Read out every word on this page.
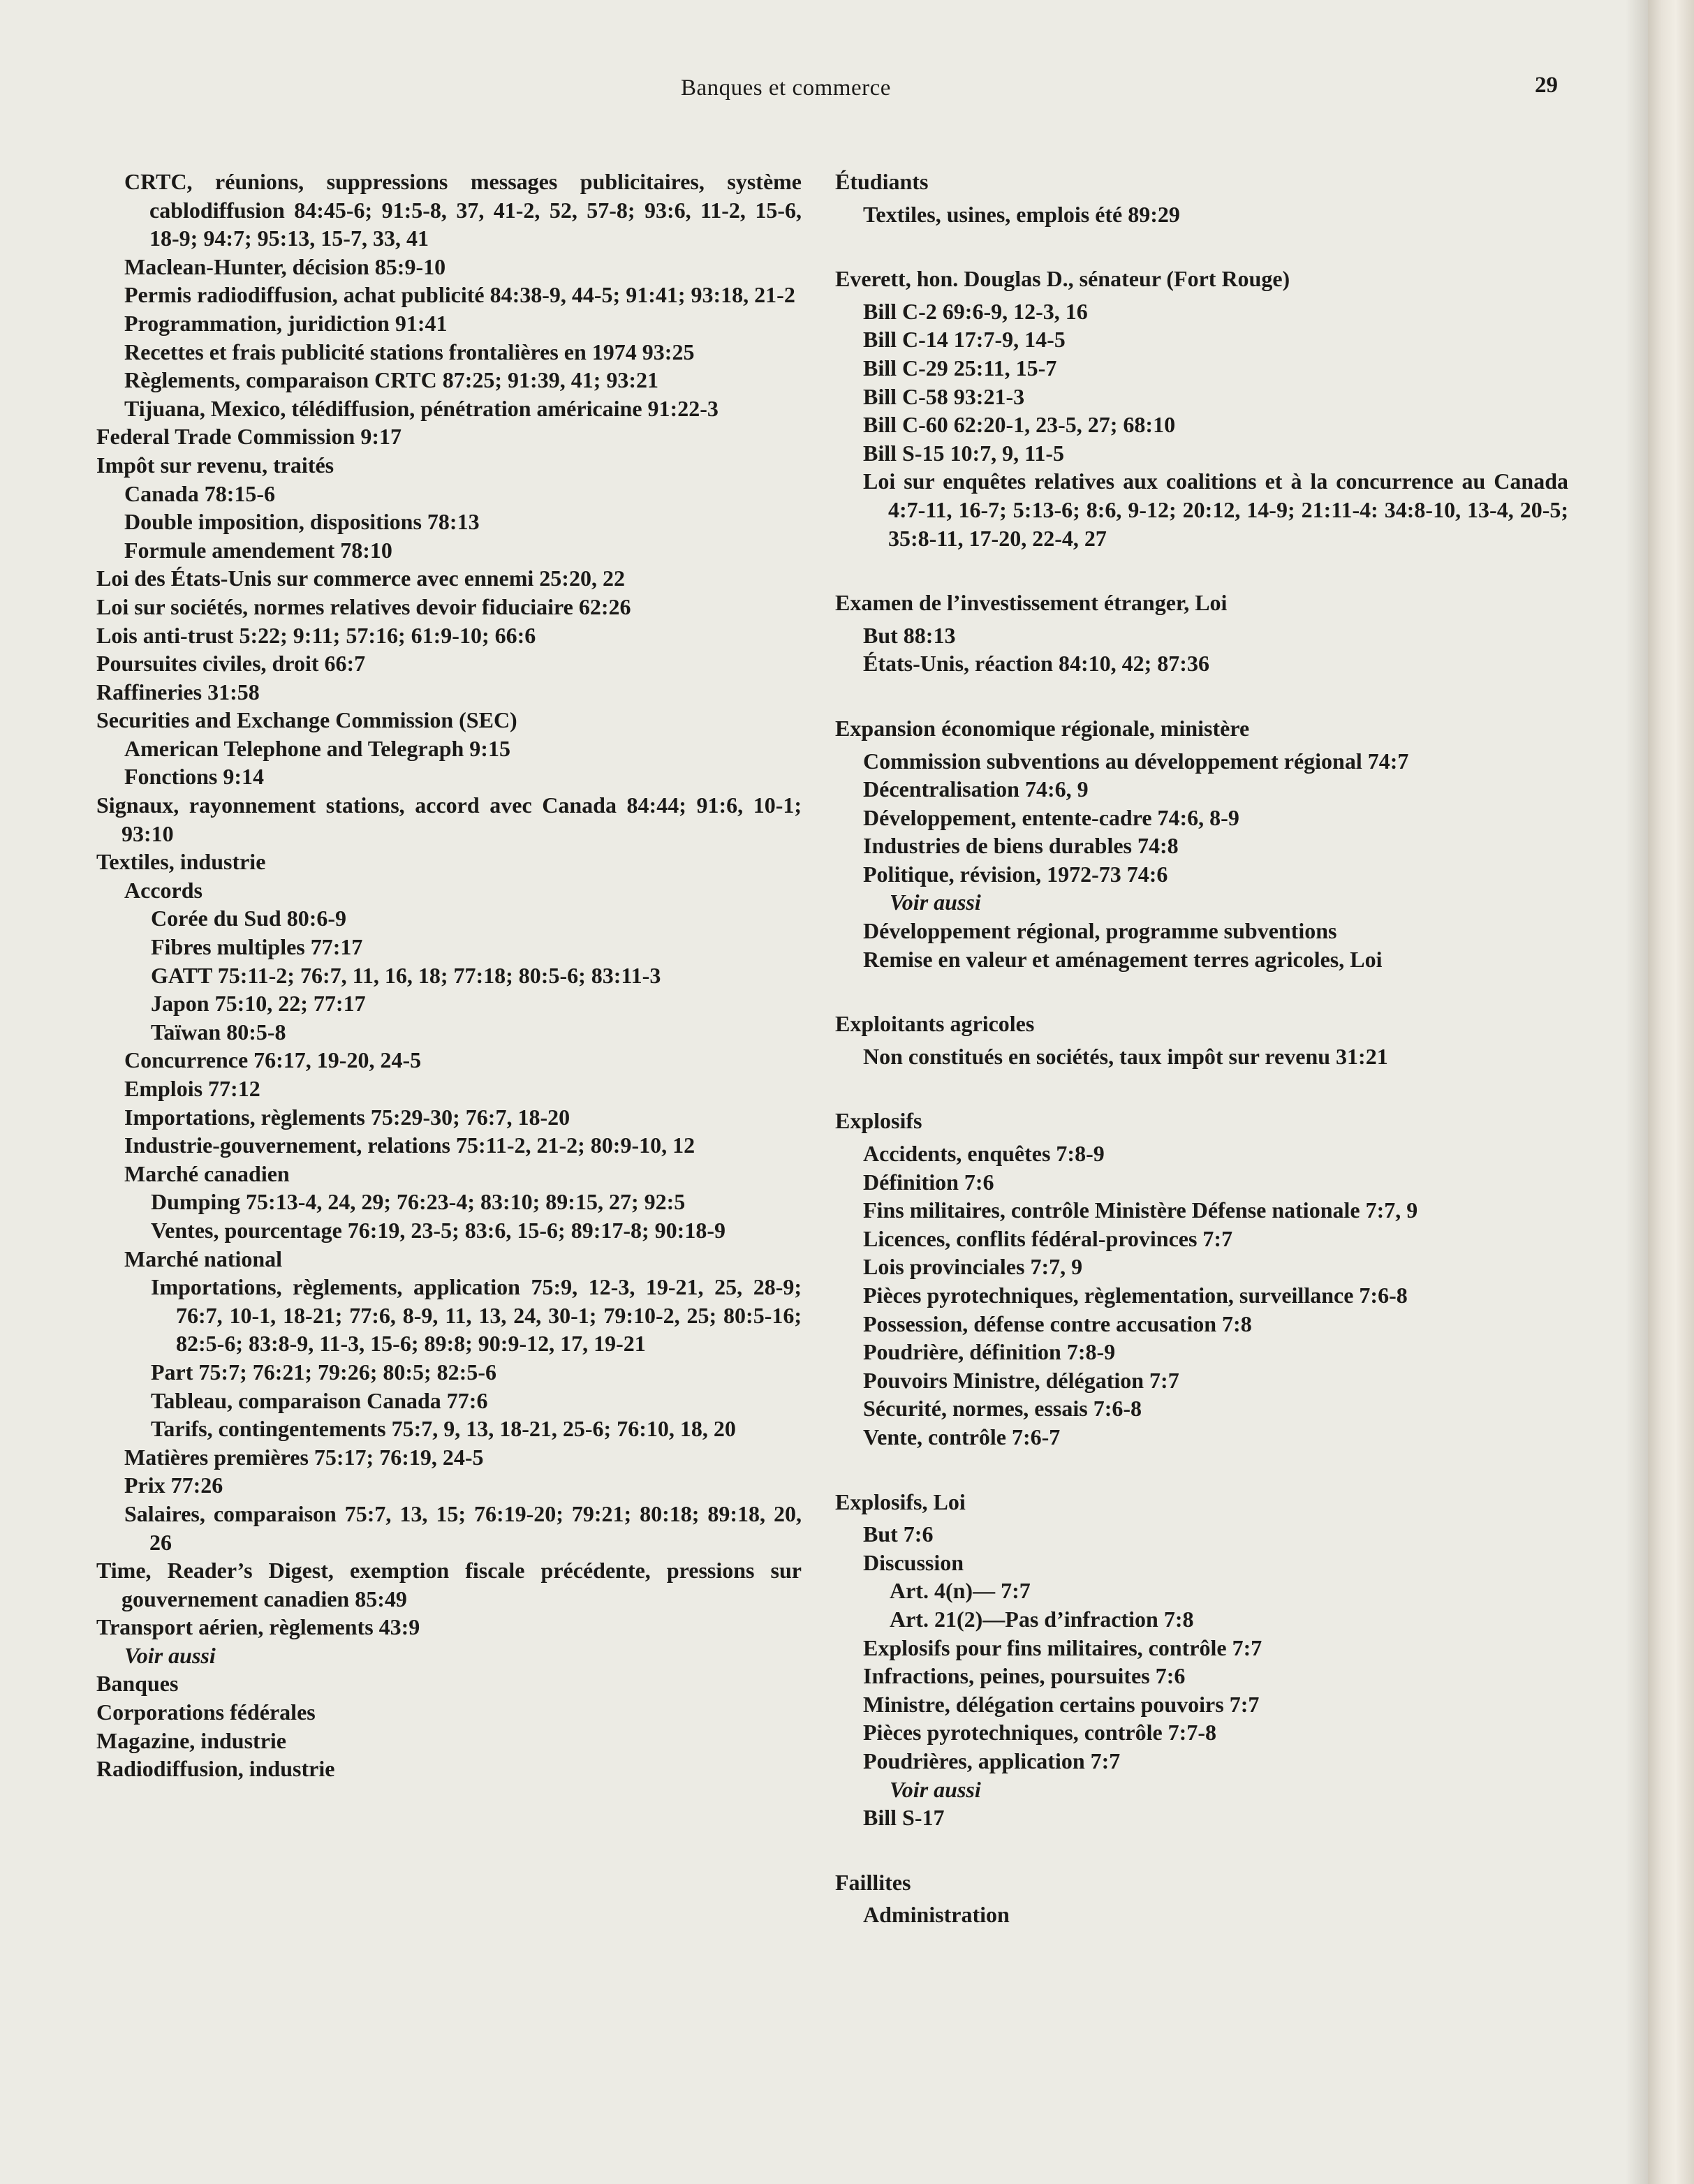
Banques et commerce	29

CRTC, réunions, suppressions messages publicitaires, système cablodiffusion 84:45-6; 91:5-8, 37, 41-2, 52, 57-8; 93:6, 11-2, 15-6, 18-9; 94:7; 95:13, 15-7, 33, 41

Maclean-Hunter, décision 85:9-10

Permis radiodiffusion, achat publicité 84:38-9, 44-5; 91:41; 93:18, 21-2

Programmation, juridiction 91:41

Recettes et frais publicité stations frontalières en 1974 93:25

Règlements, comparaison CRTC 87:25; 91:39, 41; 93:21

Tijuana, Mexico, télédiffusion, pénétration américaine 91:22-3

Federal Trade Commission 9:17

Impôt sur revenu, traités

Canada 78:15-6

Double imposition, dispositions 78:13

Formule amendement 78:10

Loi des États-Unis sur commerce avec ennemi 25:20, 22

Loi sur sociétés, normes relatives devoir fiduciaire 62:26

Lois anti-trust 5:22; 9:11; 57:16; 61:9-10; 66:6

Poursuites civiles, droit 66:7

Raffineries 31:58

Securities and Exchange Commission (SEC)

American Telephone and Telegraph 9:15

Fonctions 9:14

Signaux, rayonnement stations, accord avec Canada 84:44; 91:6, 10-1; 93:10

Textiles, industrie

Accords

Corée du Sud 80:6-9

Fibres multiples 77:17

GATT 75:11-2; 76:7, 11, 16, 18; 77:18; 80:5-6; 83:11-3

Japon 75:10, 22; 77:17

Taïwan 80:5-8

Concurrence 76:17, 19-20, 24-5

Emplois 77:12

Importations, règlements 75:29-30; 76:7, 18-20

Industrie-gouvernement, relations 75:11-2, 21-2; 80:9-10, 12

Marché canadien

Dumping 75:13-4, 24, 29; 76:23-4; 83:10; 89:15, 27; 92:5

Ventes, pourcentage 76:19, 23-5; 83:6, 15-6; 89:17-8; 90:18-9

Marché national

Importations, règlements, application 75:9, 12-3, 19-21, 25, 28-9; 76:7, 10-1, 18-21; 77:6, 8-9, 11, 13, 24, 30-1; 79:10-2, 25; 80:5-16; 82:5-6; 83:8-9, 11-3, 15-6; 89:8; 90:9-12, 17, 19-21

Part 75:7; 76:21; 79:26; 80:5; 82:5-6

Tableau, comparaison Canada 77:6

Tarifs, contingentements 75:7, 9, 13, 18-21, 25-6; 76:10, 18, 20

Matières premières 75:17; 76:19, 24-5

Prix 77:26

Salaires, comparaison 75:7, 13, 15; 76:19-20; 79:21; 80:18; 89:18, 20, 26

Time, Reader’s Digest, exemption fiscale précédente, pressions sur gouvernement canadien 85:49

Transport aérien, règlements 43:9

Voir aussi

Banques

Corporations fédérales

Magazine, industrie

Radiodiffusion, industrie

Étudiants

Textiles, usines, emplois été 89:29

Everett, hon. Douglas D., sénateur (Fort Rouge)

Bill C-2 69:6-9, 12-3, 16

Bill C-14 17:7-9, 14-5

Bill C-29 25:11, 15-7

Bill C-58 93:21-3

Bill C-60 62:20-1, 23-5, 27; 68:10

Bill S-15 10:7, 9, 11-5

Loi sur enquêtes relatives aux coalitions et à la concurrence au Canada 4:7-11, 16-7; 5:13-6; 8:6, 9-12; 20:12, 14-9; 21:11-4: 34:8-10, 13-4, 20-5; 35:8-11, 17-20, 22-4, 27

Examen de l’investissement étranger, Loi

But 88:13

États-Unis, réaction 84:10, 42; 87:36

Expansion économique régionale, ministère

Commission subventions au développement régional 74:7

Décentralisation 74:6, 9

Développement, entente-cadre 74:6, 8-9

Industries de biens durables 74:8

Politique, révision, 1972-73 74:6

Voir aussi

Développement régional, programme subventions

Remise en valeur et aménagement terres agricoles, Loi

Exploitants agricoles

Non constitués en sociétés, taux impôt sur revenu 31:21

Explosifs

Accidents, enquêtes 7:8-9

Définition 7:6

Fins militaires, contrôle Ministère Défense nationale 7:7, 9

Licences, conflits fédéral-provinces 7:7

Lois provinciales 7:7, 9

Pièces pyrotechniques, règlementation, surveillance 7:6-8

Possession, défense contre accusation 7:8

Poudrière, définition 7:8-9

Pouvoirs Ministre, délégation 7:7

Sécurité, normes, essais 7:6-8

Vente, contrôle 7:6-7

Explosifs, Loi

But 7:6

Discussion

Art. 4(n)— 7:7

Art. 21(2)—Pas d’infraction 7:8

Explosifs pour fins militaires, contrôle 7:7

Infractions, peines, poursuites 7:6

Ministre, délégation certains pouvoirs 7:7

Pièces pyrotechniques, contrôle 7:7-8

Poudrières, application 7:7

Voir aussi

Bill S-17

Faillites

Administration
